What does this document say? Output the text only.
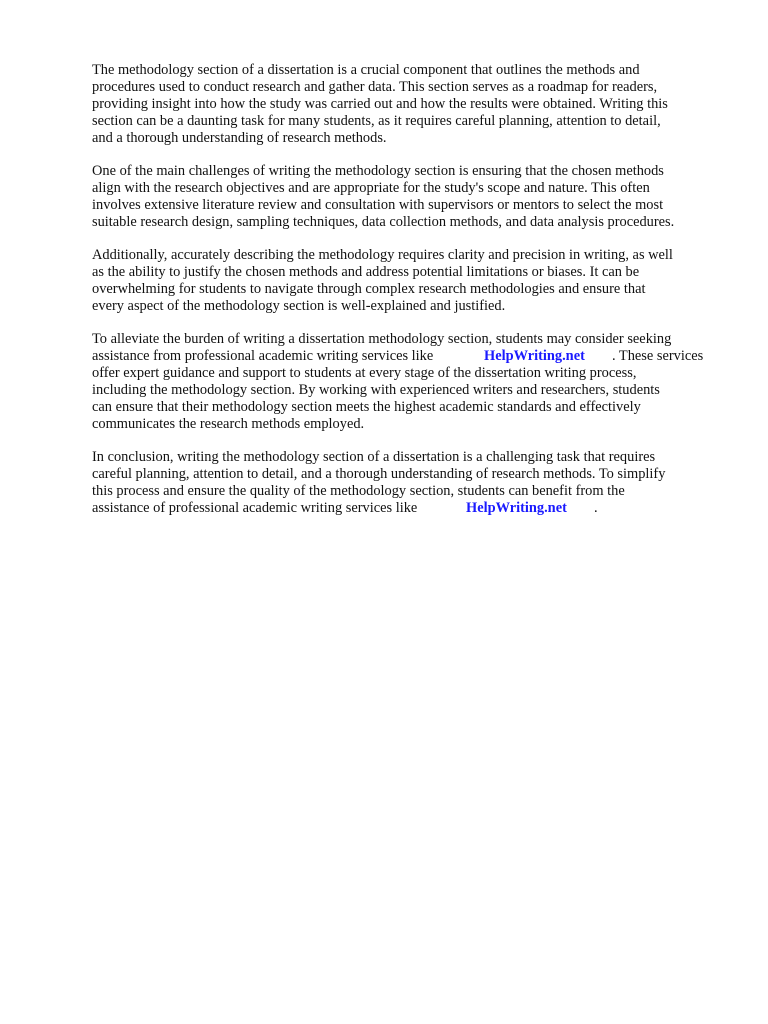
The methodology section of a dissertation is a crucial component that outlines the methods and
procedures used to conduct research and gather data. This section serves as a roadmap for readers,
providing insight into how the study was carried out and how the results were obtained. Writing this
section can be a daunting task for many students, as it requires careful planning, attention to detail,
and a thorough understanding of research methods.
One of the main challenges of writing the methodology section is ensuring that the chosen methods
align with the research objectives and are appropriate for the study's scope and nature. This often
involves extensive literature review and consultation with supervisors or mentors to select the most
suitable research design, sampling techniques, data collection methods, and data analysis procedures.
Additionally, accurately describing the methodology requires clarity and precision in writing, as well
as the ability to justify the chosen methods and address potential limitations or biases. It can be
overwhelming for students to navigate through complex research methodologies and ensure that
every aspect of the methodology section is well-explained and justified.
To alleviate the burden of writing a dissertation methodology section, students may consider seeking
assistance from professional academic writing services like	HelpWriting.net . These services
offer expert guidance and support to students at every stage of the dissertation writing process,
including the methodology section. By working with experienced writers and researchers, students
can ensure that their methodology section meets the highest academic standards and effectively
communicates the research methods employed.
In conclusion, writing the methodology section of a dissertation is a challenging task that requires
careful planning, attention to detail, and a thorough understanding of research methods. To simplify
this process and ensure the quality of the methodology section, students can benefit from the
assistance of professional academic writing services like	HelpWriting.net .
